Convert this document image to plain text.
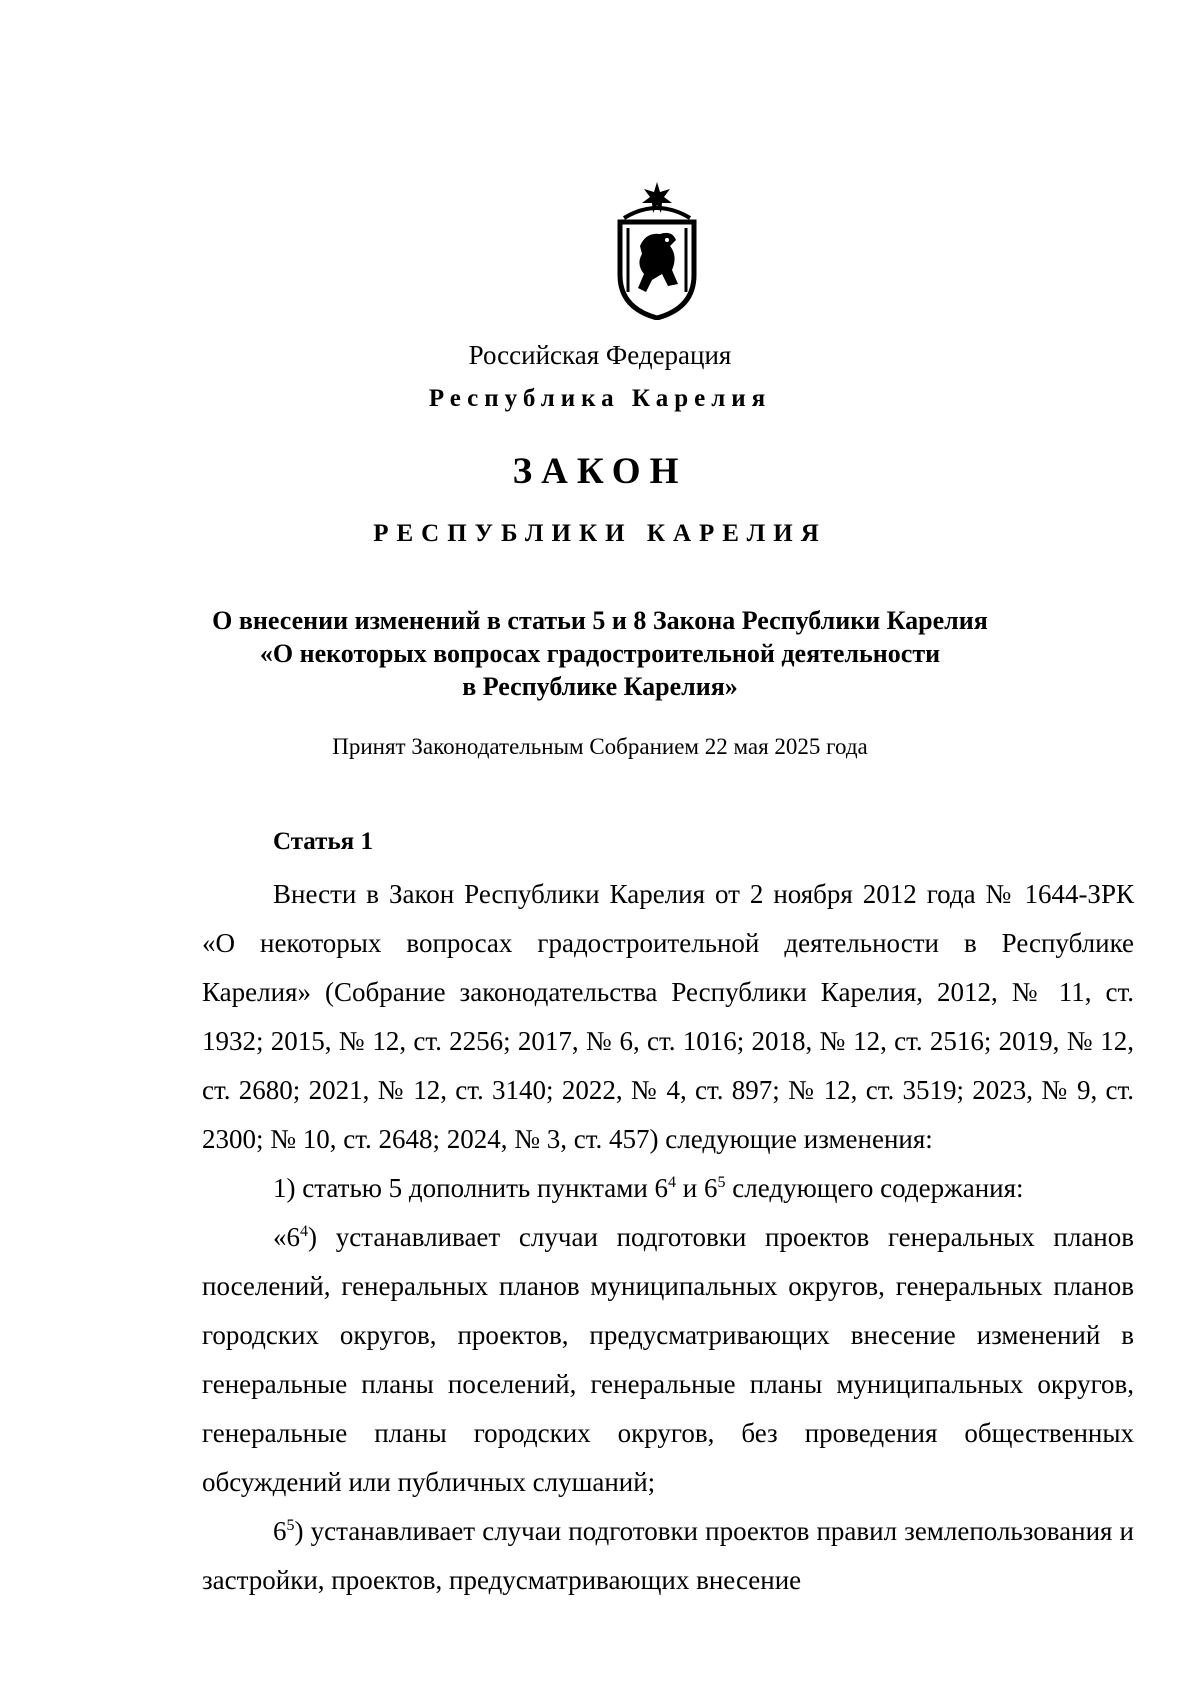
Российская Федерация

Республика Карелия

ЗАКОН

РЕСПУБЛИКИ КАРЕЛИЯ

О внесении изменений в статьи 5 и 8 Закона Республики Карелия
«О некоторых вопросах градостроительной деятельности
в Республике Карелия»

Принят Законодательным Собранием 22 мая 2025 года

Статья 1

Внести в Закон Республики Карелия от 2 ноября 2012 года № 1644-ЗРК «О некоторых вопросах градостроительной деятельности в Республике Карелия» (Собрание законодательства Республики Карелия, 2012, № 11, ст. 1932; 2015, № 12, ст. 2256; 2017, № 6, ст. 1016; 2018, № 12, ст. 2516; 2019, № 12, ст. 2680; 2021, № 12, ст. 3140; 2022, № 4, ст. 897; № 12, ст. 3519; 2023, № 9, ст. 2300; № 10, ст. 2648; 2024, № 3, ст. 457) следующие изменения:

1) статью 5 дополнить пунктами $6^4$ и $6^5$ следующего содержания:

«$6^4$) устанавливает случаи подготовки проектов генеральных планов поселений, генеральных планов муниципальных округов, генеральных планов городских округов, проектов, предусматривающих внесение изменений в генеральные планы поселений, генеральные планы муниципальных округов, генеральные планы городских округов, без проведения общественных обсуждений или публичных слушаний;

$6^5$) устанавливает случаи подготовки проектов правил землепользования и застройки, проектов, предусматривающих внесение
